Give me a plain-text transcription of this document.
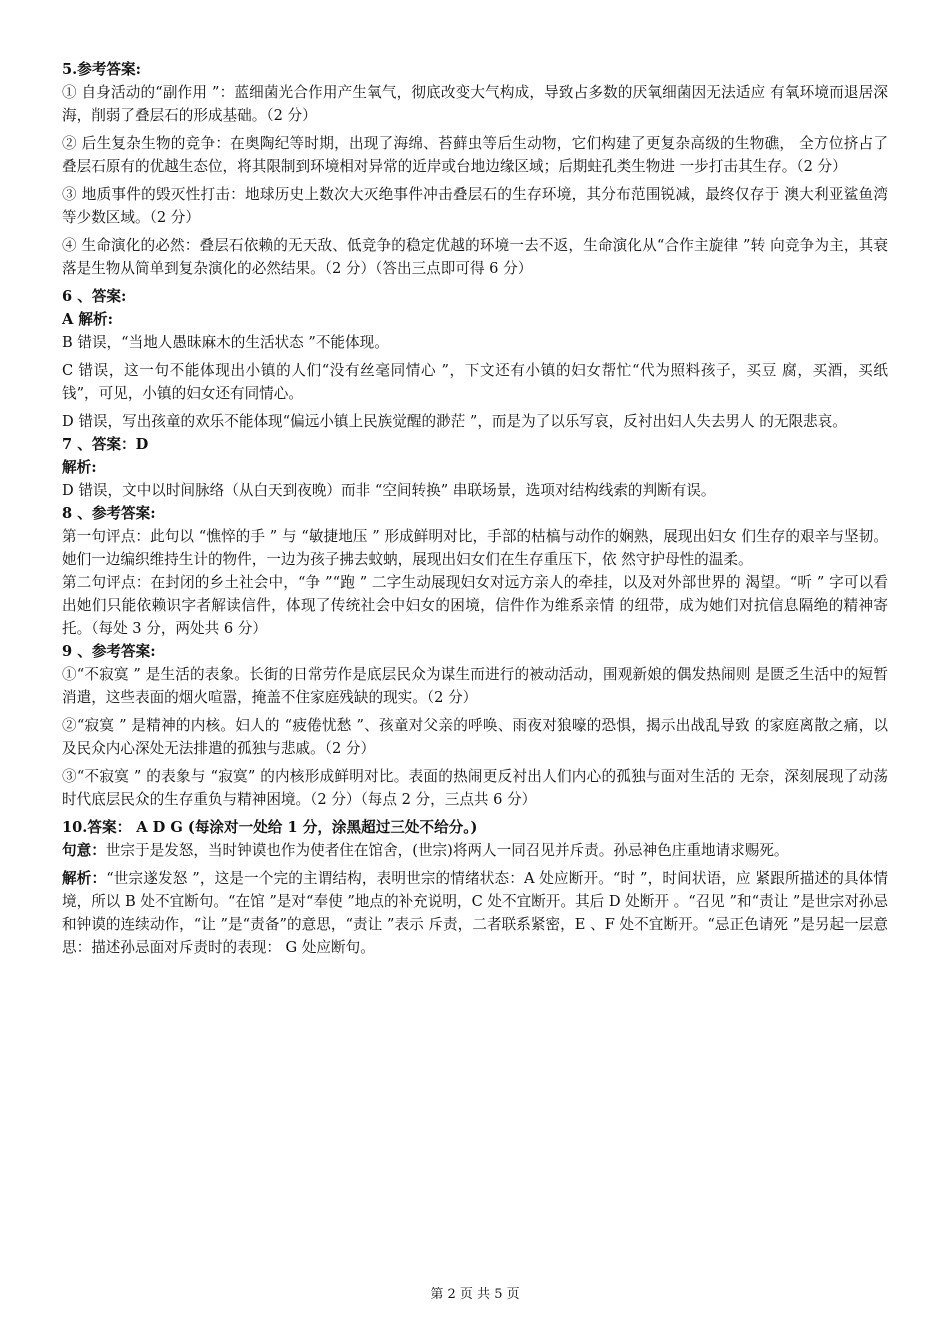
5.参考答案:

① 自身活动的“副作用 ”：蓝细菌光合作用产生氧气，彻底改变大气构成，导致占多数的厌氧细菌因无法适应 有氧环境而退居深海，削弱了叠层石的形成基础。（2 分）

② 后生复杂生物的竞争：在奥陶纪等时期，出现了海绵、苔藓虫等后生动物，它们构建了更复杂高级的生物礁， 全方位挤占了叠层石原有的优越生态位，将其限制到环境相对异常的近岸或台地边缘区域；后期蛀孔类生物进 一步打击其生存。（2 分）

③ 地质事件的毁灭性打击：地球历史上数次大灭绝事件冲击叠层石的生存环境，其分布范围锐减，最终仅存于 澳大利亚鲨鱼湾等少数区域。（2 分）

④ 生命演化的必然：叠层石依赖的无天敌、低竞争的稳定优越的环境一去不返，生命演化从“合作主旋律 ”转 向竞争为主，其衰落是生物从简单到复杂演化的必然结果。（2 分）（答出三点即可得 6 分）

6 、答案:
A 解析:

B 错误，“当地人愚昧麻木的生活状态 ”不能体现。

C 错误，这一句不能体现出小镇的人们“没有丝毫同情心 ”，下文还有小镇的妇女帮忙“代为照料孩子，买豆 腐，买酒，买纸钱”，可见，小镇的妇女还有同情心。

D 错误，写出孩童的欢乐不能体现“偏远小镇上民族觉醒的渺茫 ”，而是为了以乐写哀，反衬出妇人失去男人 的无限悲哀。

7 、答案：D
解析:

D 错误，文中以时间脉络（从白天到夜晚）而非 “空间转换” 串联场景，选项对结构线索的判断有误。

8 、参考答案:

第一句评点：此句以 “憔悴的手 ” 与 “敏捷地压 ” 形成鲜明对比，手部的枯槁与动作的娴熟，展现出妇女 们生存的艰辛与坚韧。她们一边编织维持生计的物件，一边为孩子拂去蚊蚋，展现出妇女们在生存重压下，依 然守护母性的温柔。

第二句评点：在封闭的乡土社会中，“争 ”“跑 ” 二字生动展现妇女对远方亲人的牵挂，以及对外部世界的 渴望。“听 ” 字可以看出她们只能依赖识字者解读信件，体现了传统社会中妇女的困境，信件作为维系亲情 的纽带，成为她们对抗信息隔绝的精神寄托。（每处 3 分，两处共 6 分）

9 、参考答案:

①“不寂寞 ” 是生活的表象。长街的日常劳作是底层民众为谋生而进行的被动活动，围观新娘的偶发热闹则 是匮乏生活中的短暂消遣，这些表面的烟火喧嚣，掩盖不住家庭残缺的现实。（2 分）

②“寂寞 ” 是精神的内核。妇人的 “疲倦忧愁 ”、孩童对父亲的呼唤、雨夜对狼嚎的恐惧，揭示出战乱导致 的家庭离散之痛，以及民众内心深处无法排遣的孤独与悲戚。（2 分）

③“不寂寞 ” 的表象与 “寂寞” 的内核形成鲜明对比。表面的热闹更反衬出人们内心的孤独与面对生活的 无奈，深刻展现了动荡时代底层民众的生存重负与精神困境。（2 分）（每点 2 分，三点共 6 分）

10.答案： A D G (每涂对一处给 1 分，涂黑超过三处不给分。)

句意：世宗于是发怒，当时钟谟也作为使者住在馆舍，(世宗)将两人一同召见并斥责。孙忌神色庄重地请求赐死。

解析：“世宗遂发怒 ”，这是一个完的主谓结构，表明世宗的情绪状态：A 处应断开。“时 ”，时间状语，应 紧跟所描述的具体情境，所以 B 处不宜断句。“在馆 ”是对“奉使 ”地点的补充说明，C 处不宜断开。其后 D 处断开 。“召见 ”和“责让 ”是世宗对孙忌和钟谟的连续动作，“让 ”是“责备”的意思，“责让 ”表示 斥责，二者联系紧密，E 、F 处不宜断开。“忌正色请死 ”是另起一层意思：描述孙忌面对斥责时的表现： G 处应断句。

第 2 页 共 5 页
